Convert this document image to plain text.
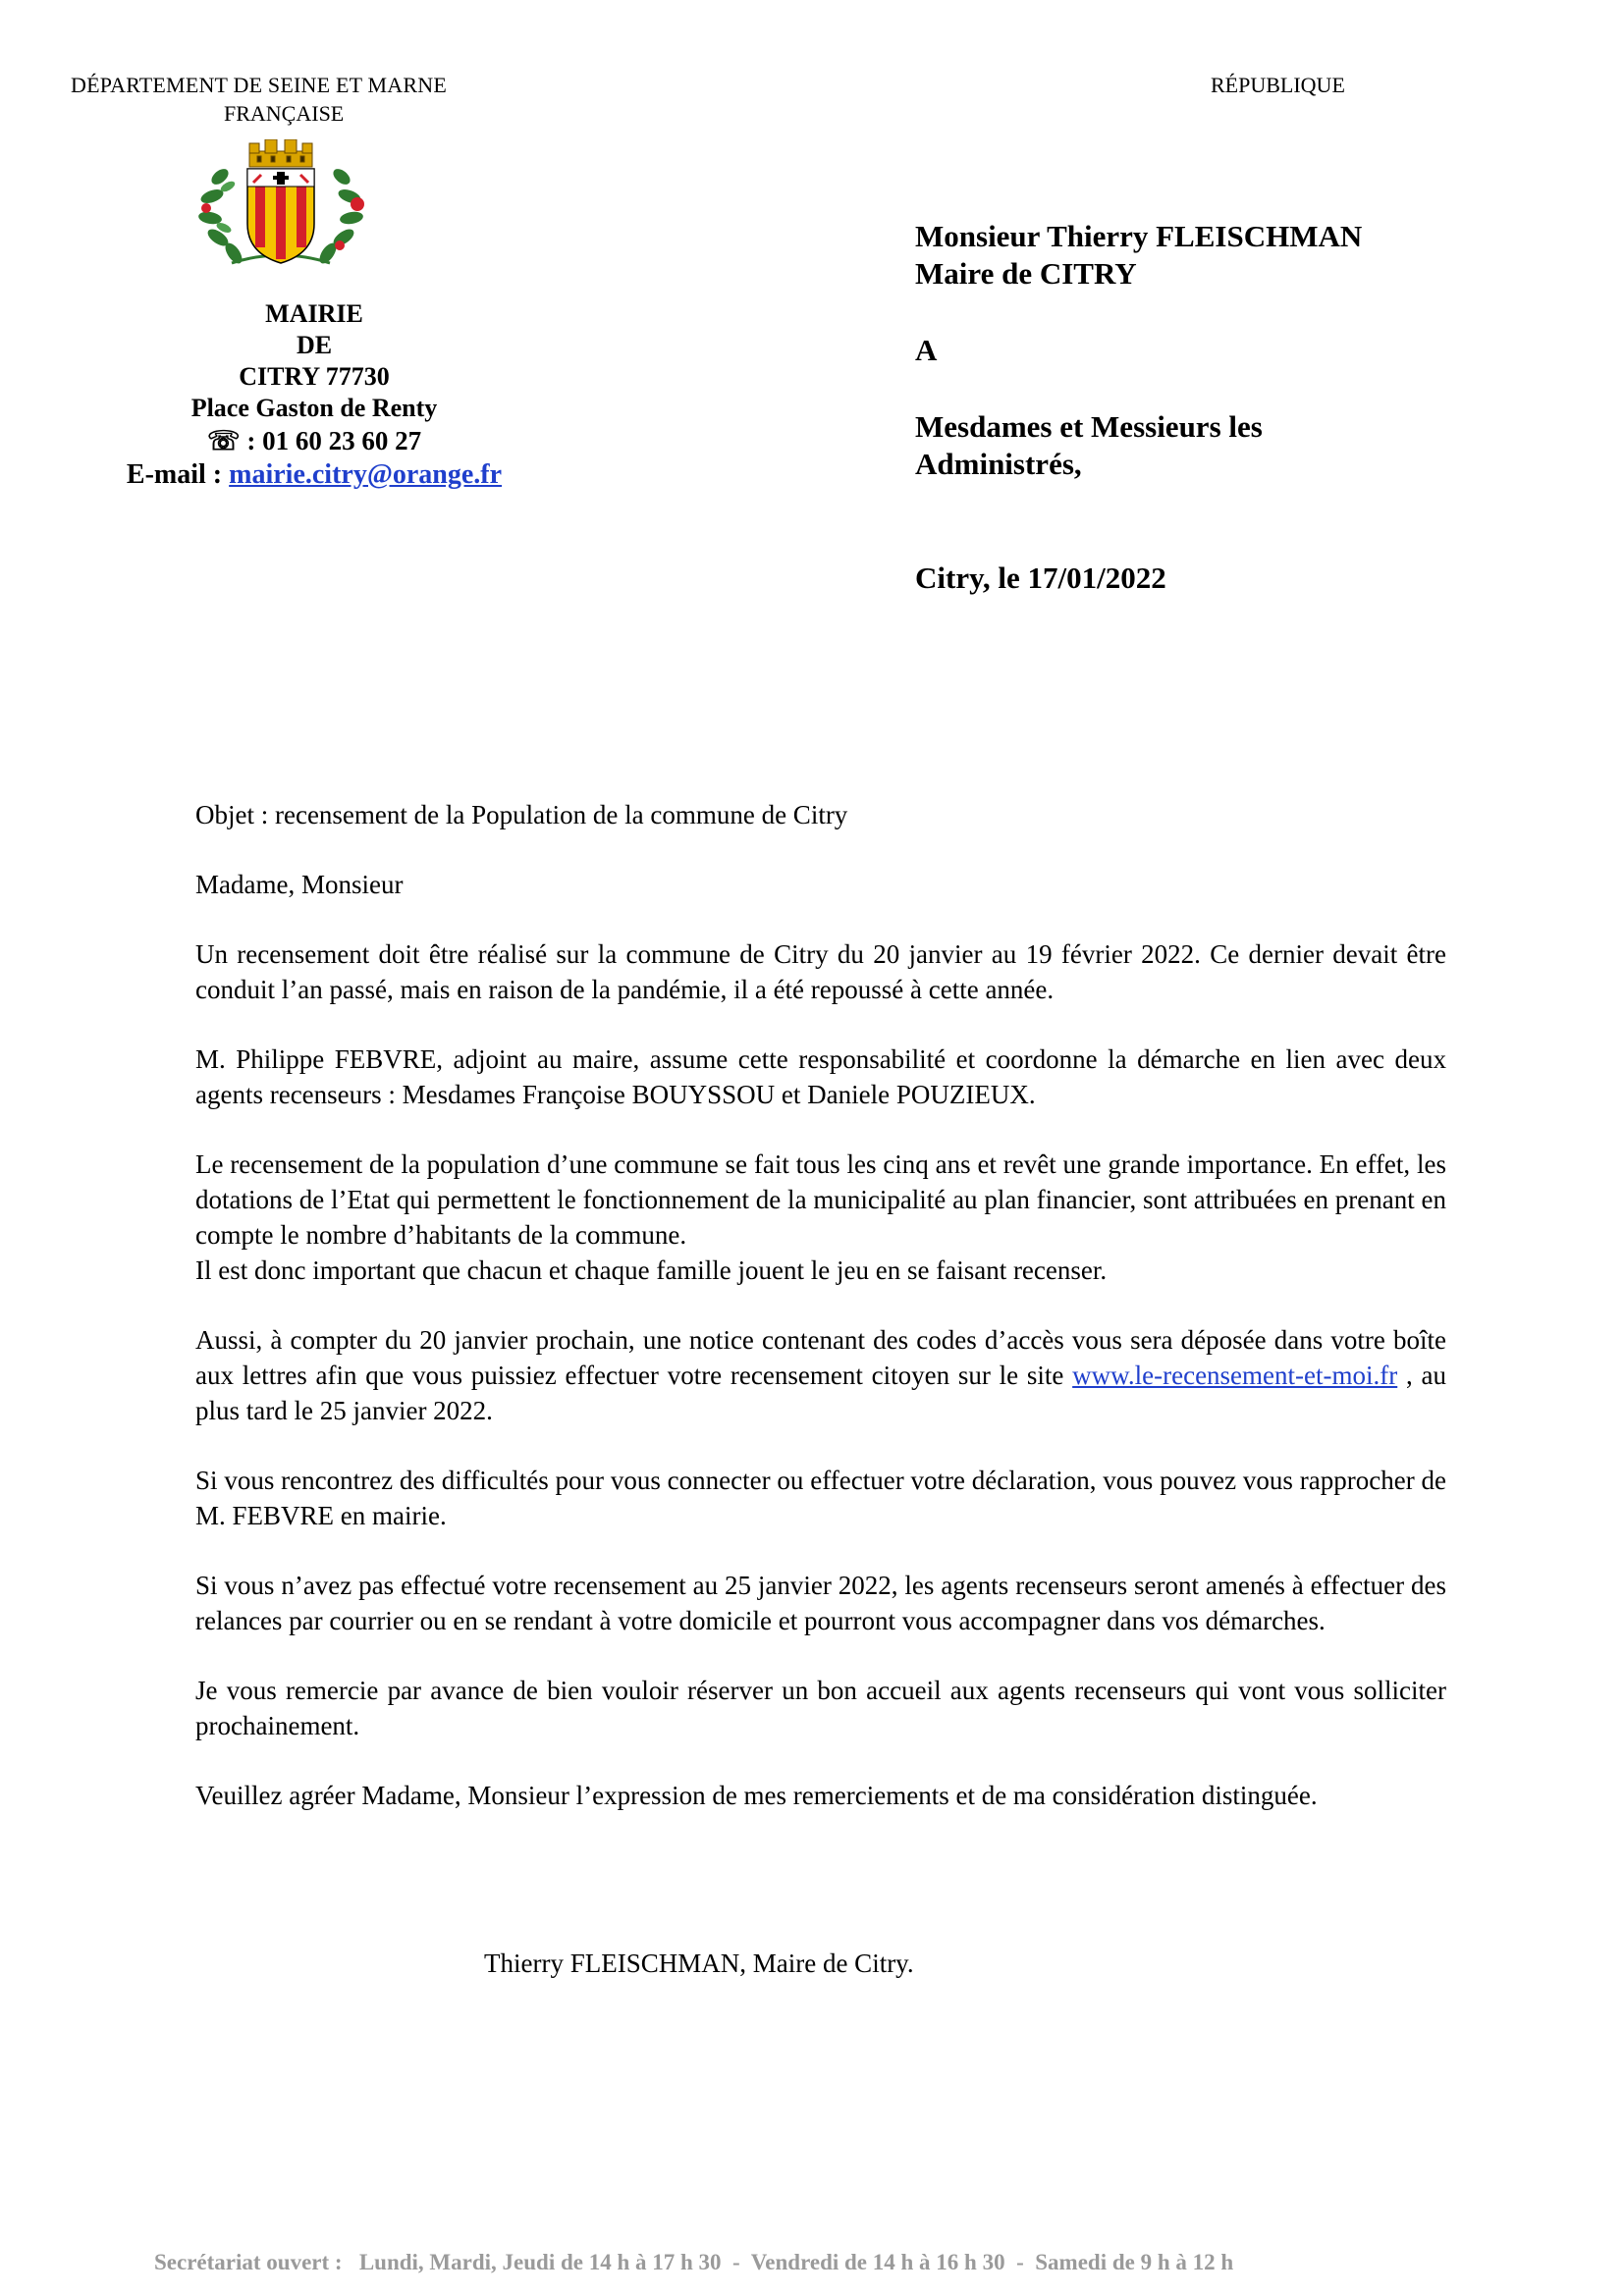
DÉPARTEMENT DE SEINE ET MARNE	RÉPUBLIQUE
FRANÇAISE
MAIRIE
DE
CITRY 77730
Place Gaston de Renty
☏ : 01 60 23 60 27
E-mail : mairie.citry@orange.fr
Monsieur Thierry FLEISCHMAN
Maire de CITRY
A
Mesdames et Messieurs les
Administrés,
Citry, le 17/01/2022

Objet : recensement de la Population de la commune de Citry

Madame, Monsieur

Un recensement doit être réalisé sur la commune de Citry du 20 janvier au 19 février 2022. Ce dernier devait être conduit l’an passé, mais en raison de la pandémie, il a été repoussé à cette année.

M. Philippe FEBVRE, adjoint au maire, assume cette responsabilité et coordonne la démarche en lien avec deux agents recenseurs : Mesdames Françoise BOUYSSOU et Daniele POUZIEUX.

Le recensement de la population d’une commune se fait tous les cinq ans et revêt une grande importance. En effet, les dotations de l’Etat qui permettent le fonctionnement de la municipalité au plan financier, sont attribuées en prenant en compte le nombre d’habitants de la commune.

Il est donc important que chacun et chaque famille jouent le jeu en se faisant recenser.

Aussi, à compter du 20 janvier prochain, une notice contenant des codes d’accès vous sera déposée dans votre boîte aux lettres afin que vous puissiez effectuer votre recensement citoyen sur le site www.le-recensement-et-moi.fr , au plus tard le 25 janvier 2022.

Si vous rencontrez des difficultés pour vous connecter ou effectuer votre déclaration, vous pouvez vous rapprocher de M. FEBVRE en mairie.

Si vous n’avez pas effectué votre recensement au 25 janvier 2022, les agents recenseurs seront amenés à effectuer des relances par courrier ou en se rendant à votre domicile et pourront vous accompagner dans vos démarches.

Je vous remercie par avance de bien vouloir réserver un bon accueil aux agents recenseurs qui vont vous solliciter prochainement.

Veuillez agréer Madame, Monsieur l’expression de mes remerciements et de ma considération distinguée.

Thierry FLEISCHMAN, Maire de Citry.
Secrétariat ouvert :   Lundi, Mardi, Jeudi de 14 h à 17 h 30  -  Vendredi de 14 h à 16 h 30  -  Samedi de 9 h à 12 h
